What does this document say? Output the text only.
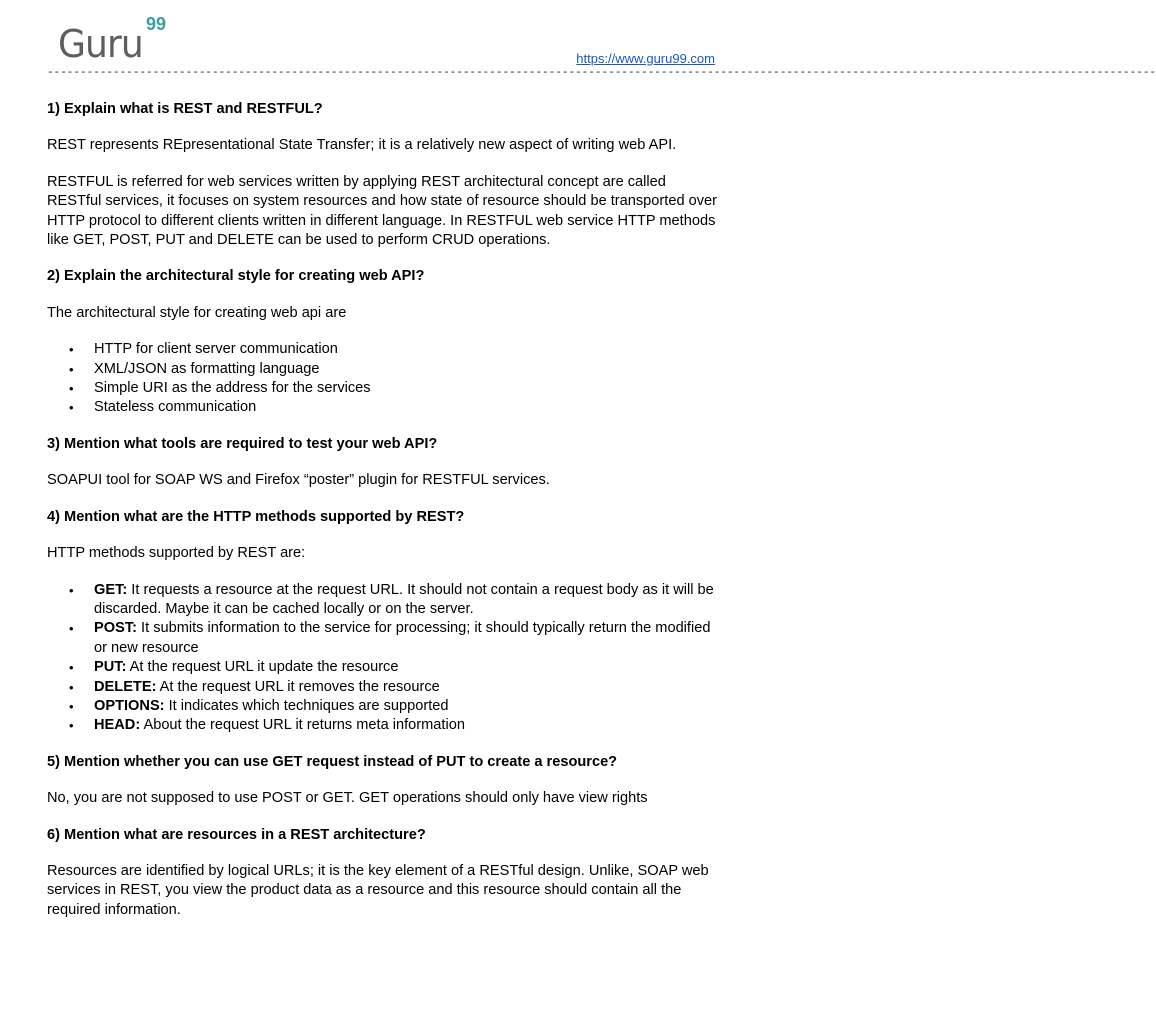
Guru 99
https://www.guru99.com
------------------------------------------------------------------------------------------------------------------------------------------------------------------------

1) Explain what is REST and RESTFUL?

REST represents REpresentational State Transfer; it is a relatively new aspect of writing web API.

RESTFUL is referred for web services written by applying REST architectural concept are called RESTful services, it focuses on system resources and how state of resource should be transported over HTTP protocol to different clients written in different language. In RESTFUL web service HTTP methods like GET, POST, PUT and DELETE can be used to perform CRUD operations.

2) Explain the architectural style for creating web API?

The architectural style for creating web api are

• HTTP for client server communication
• XML/JSON as formatting language
• Simple URI as the address for the services
• Stateless communication

3) Mention what tools are required to test your web API?

SOAPUI tool for SOAP WS and Firefox “poster” plugin for RESTFUL services.

4) Mention what are the HTTP methods supported by REST?

HTTP methods supported by REST are:

• GET: It requests a resource at the request URL. It should not contain a request body as it will be discarded. Maybe it can be cached locally or on the server.
• POST: It submits information to the service for processing; it should typically return the modified or new resource
• PUT: At the request URL it update the resource
• DELETE: At the request URL it removes the resource
• OPTIONS: It indicates which techniques are supported
• HEAD: About the request URL it returns meta information

5) Mention whether you can use GET request instead of PUT to create a resource?

No, you are not supposed to use POST or GET. GET operations should only have view rights

6) Mention what are resources in a REST architecture?

Resources are identified by logical URLs; it is the key element of a RESTful design. Unlike, SOAP web services in REST, you view the product data as a resource and this resource should contain all the required information.
